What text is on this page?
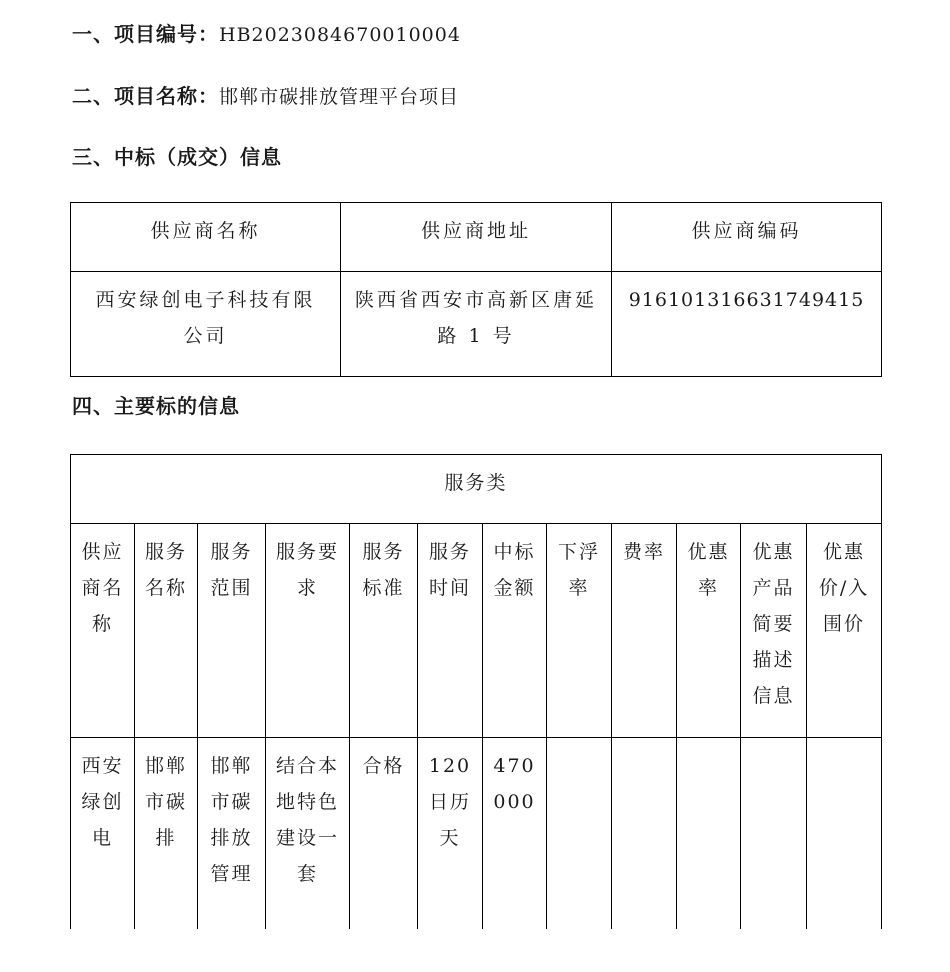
一、项目编号：HB2023084670010004
二、项目名称：邯郸市碳排放管理平台项目
三、中标（成交）信息
供应商名称	供应商地址	供应商编码
西安绿创电子科技有限公司	陕西省西安市高新区唐延路 1 号	916101316631749415
四、主要标的信息
服务类											
供应商名称	服务名称	服务范围	服务要求	服务标准	服务时间	中标金额	下浮率	费率	优惠率	优惠产品简要描述信息	优惠价/入围价
西安绿创电	邯郸市碳排	邯郸市碳排放管理	结合本地特色建设一套	合格	120日历天	470000					
